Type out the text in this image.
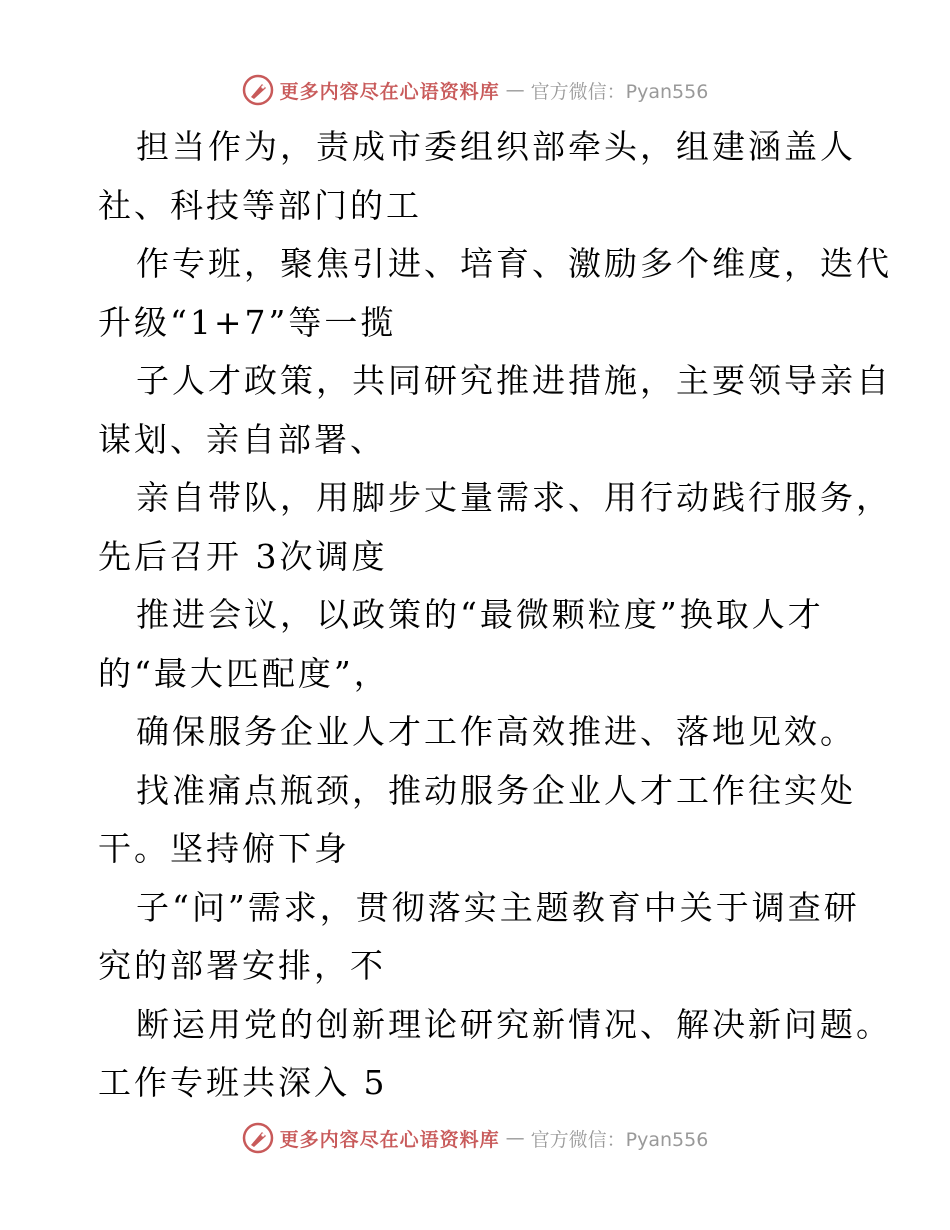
更多内容尽在心语资料库 — 官方微信：Pyan556
担当作为，责成市委组织部牵头，组建涵盖人
社、科技等部门的工
作专班，聚焦引进、培育、激励多个维度，迭代
升级“1+7”等一揽
子人才政策，共同研究推进措施，主要领导亲自
谋划、亲自部署、
亲自带队，用脚步丈量需求、用行动践行服务，
先后召开 3次调度
推进会议，以政策的“最微颗粒度”换取人才
的“最大匹配度”，
确保服务企业人才工作高效推进、落地见效。
找准痛点瓶颈，推动服务企业人才工作往实处
干。坚持俯下身
子“问”需求，贯彻落实主题教育中关于调查研
究的部署安排，不
断运用党的创新理论研究新情况、解决新问题。
工作专班共深入 5
更多内容尽在心语资料库 — 官方微信：Pyan556
